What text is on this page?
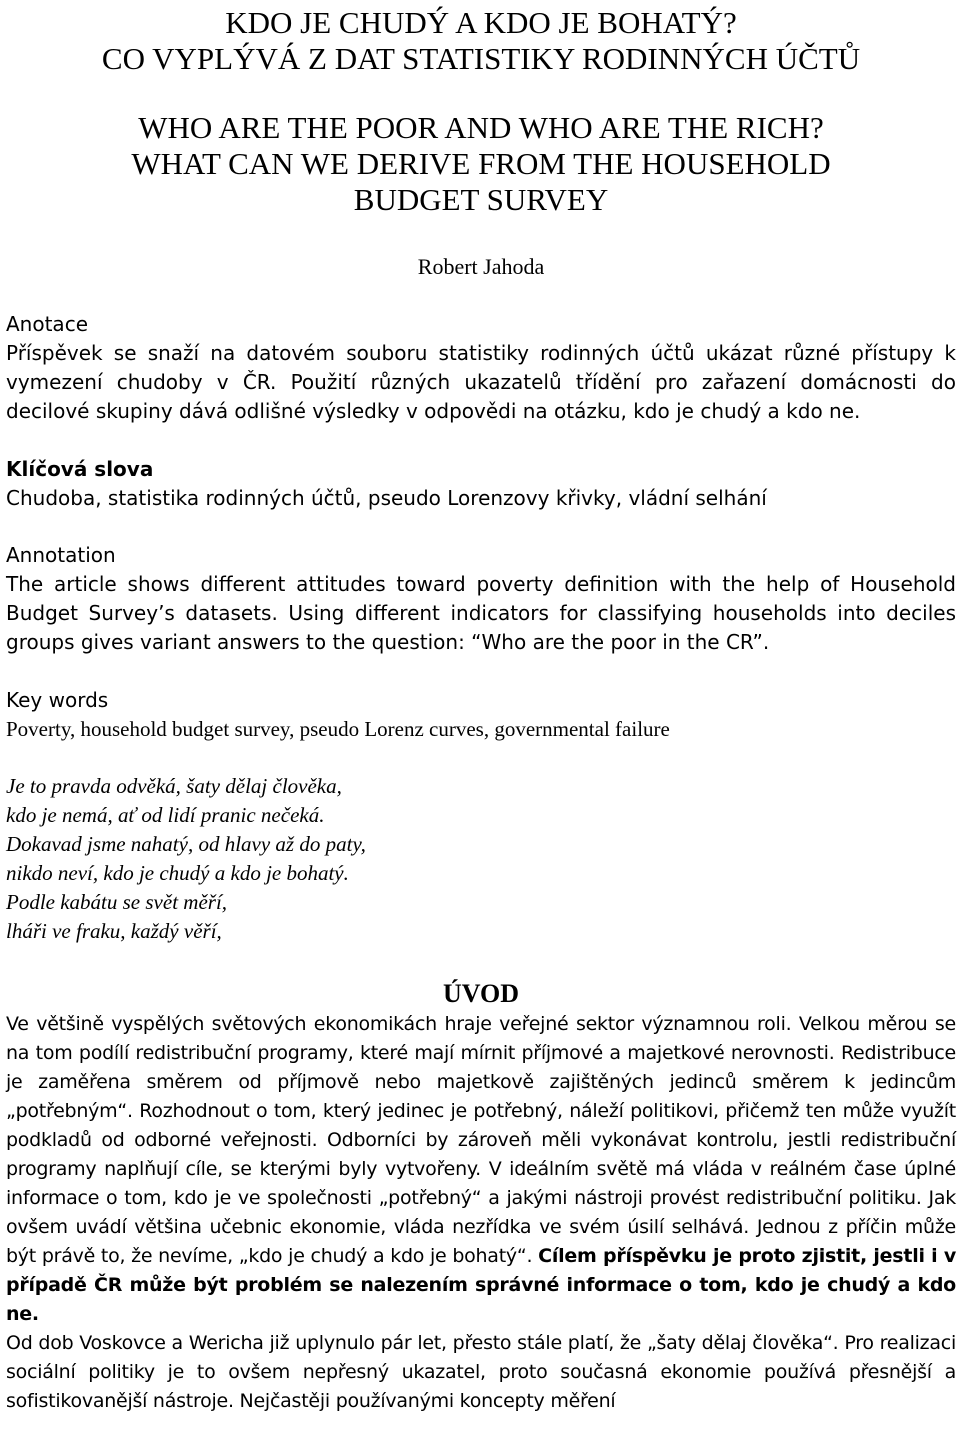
KDO JE CHUDÝ A KDO JE BOHATÝ?
CO VYPLÝVÁ Z DAT STATISTIKY RODINNÝCH ÚČTŮ
WHO ARE THE POOR AND WHO ARE THE RICH?
WHAT CAN WE DERIVE FROM THE HOUSEHOLD
BUDGET SURVEY
Robert Jahoda
Anotace

Příspěvek se snaží na datovém souboru statistiky rodinných účtů ukázat různé přístupy k vymezení chudoby v ČR. Použití různých ukazatelů třídění pro zařazení domácnosti do decilové skupiny dává odlišné výsledky v odpovědi na otázku, kdo je chudý a kdo ne.

Klíčová slova

Chudoba, statistika rodinných účtů, pseudo Lorenzovy křivky, vládní selhání

Annotation

The article shows different attitudes toward poverty definition with the help of Household Budget Survey’s datasets. Using different indicators for classifying households into deciles groups gives variant answers to the question: “Who are the poor in the CR”.

Key words

Poverty, household budget survey, pseudo Lorenz curves, governmental failure

Je to pravda odvěká, šaty dělaj člověka,
kdo je nemá, ať od lidí pranic nečeká.
Dokavad jsme nahatý, od hlavy až do paty,
nikdo neví, kdo je chudý a kdo je bohatý.
Podle kabátu se svět měří,
lháři ve fraku, každý věří,
ÚVOD

Ve většině vyspělých světových ekonomikách hraje veřejné sektor významnou roli. Velkou měrou se na tom podílí redistribuční programy, které mají mírnit příjmové a majetkové nerovnosti. Redistribuce je zaměřena směrem od příjmově nebo majetkově zajištěných jedinců směrem k jedincům „potřebným“. Rozhodnout o tom, který jedinec je potřebný, náleží politikovi, přičemž ten může využít podkladů od odborné veřejnosti. Odborníci by zároveň měli vykonávat kontrolu, jestli redistribuční programy naplňují cíle, se kterými byly vytvořeny. V ideálním světě má vláda v reálném čase úplné informace o tom, kdo je ve společnosti „potřebný“ a jakými nástroji provést redistribuční politiku. Jak ovšem uvádí většina učebnic ekonomie, vláda nezřídka ve svém úsilí selhává. Jednou z příčin může být právě to, že nevíme, „kdo je chudý a kdo je bohatý“. Cílem příspěvku je proto zjistit, jestli i v případě ČR může být problém se nalezením správné informace o tom, kdo je chudý a kdo ne.

Od dob Voskovce a Wericha již uplynulo pár let, přesto stále platí, že „šaty dělaj člověka“. Pro realizaci sociální politiky je to ovšem nepřesný ukazatel, proto současná ekonomie používá přesnější a sofistikovanější nástroje. Nejčastěji používanými koncepty měření
